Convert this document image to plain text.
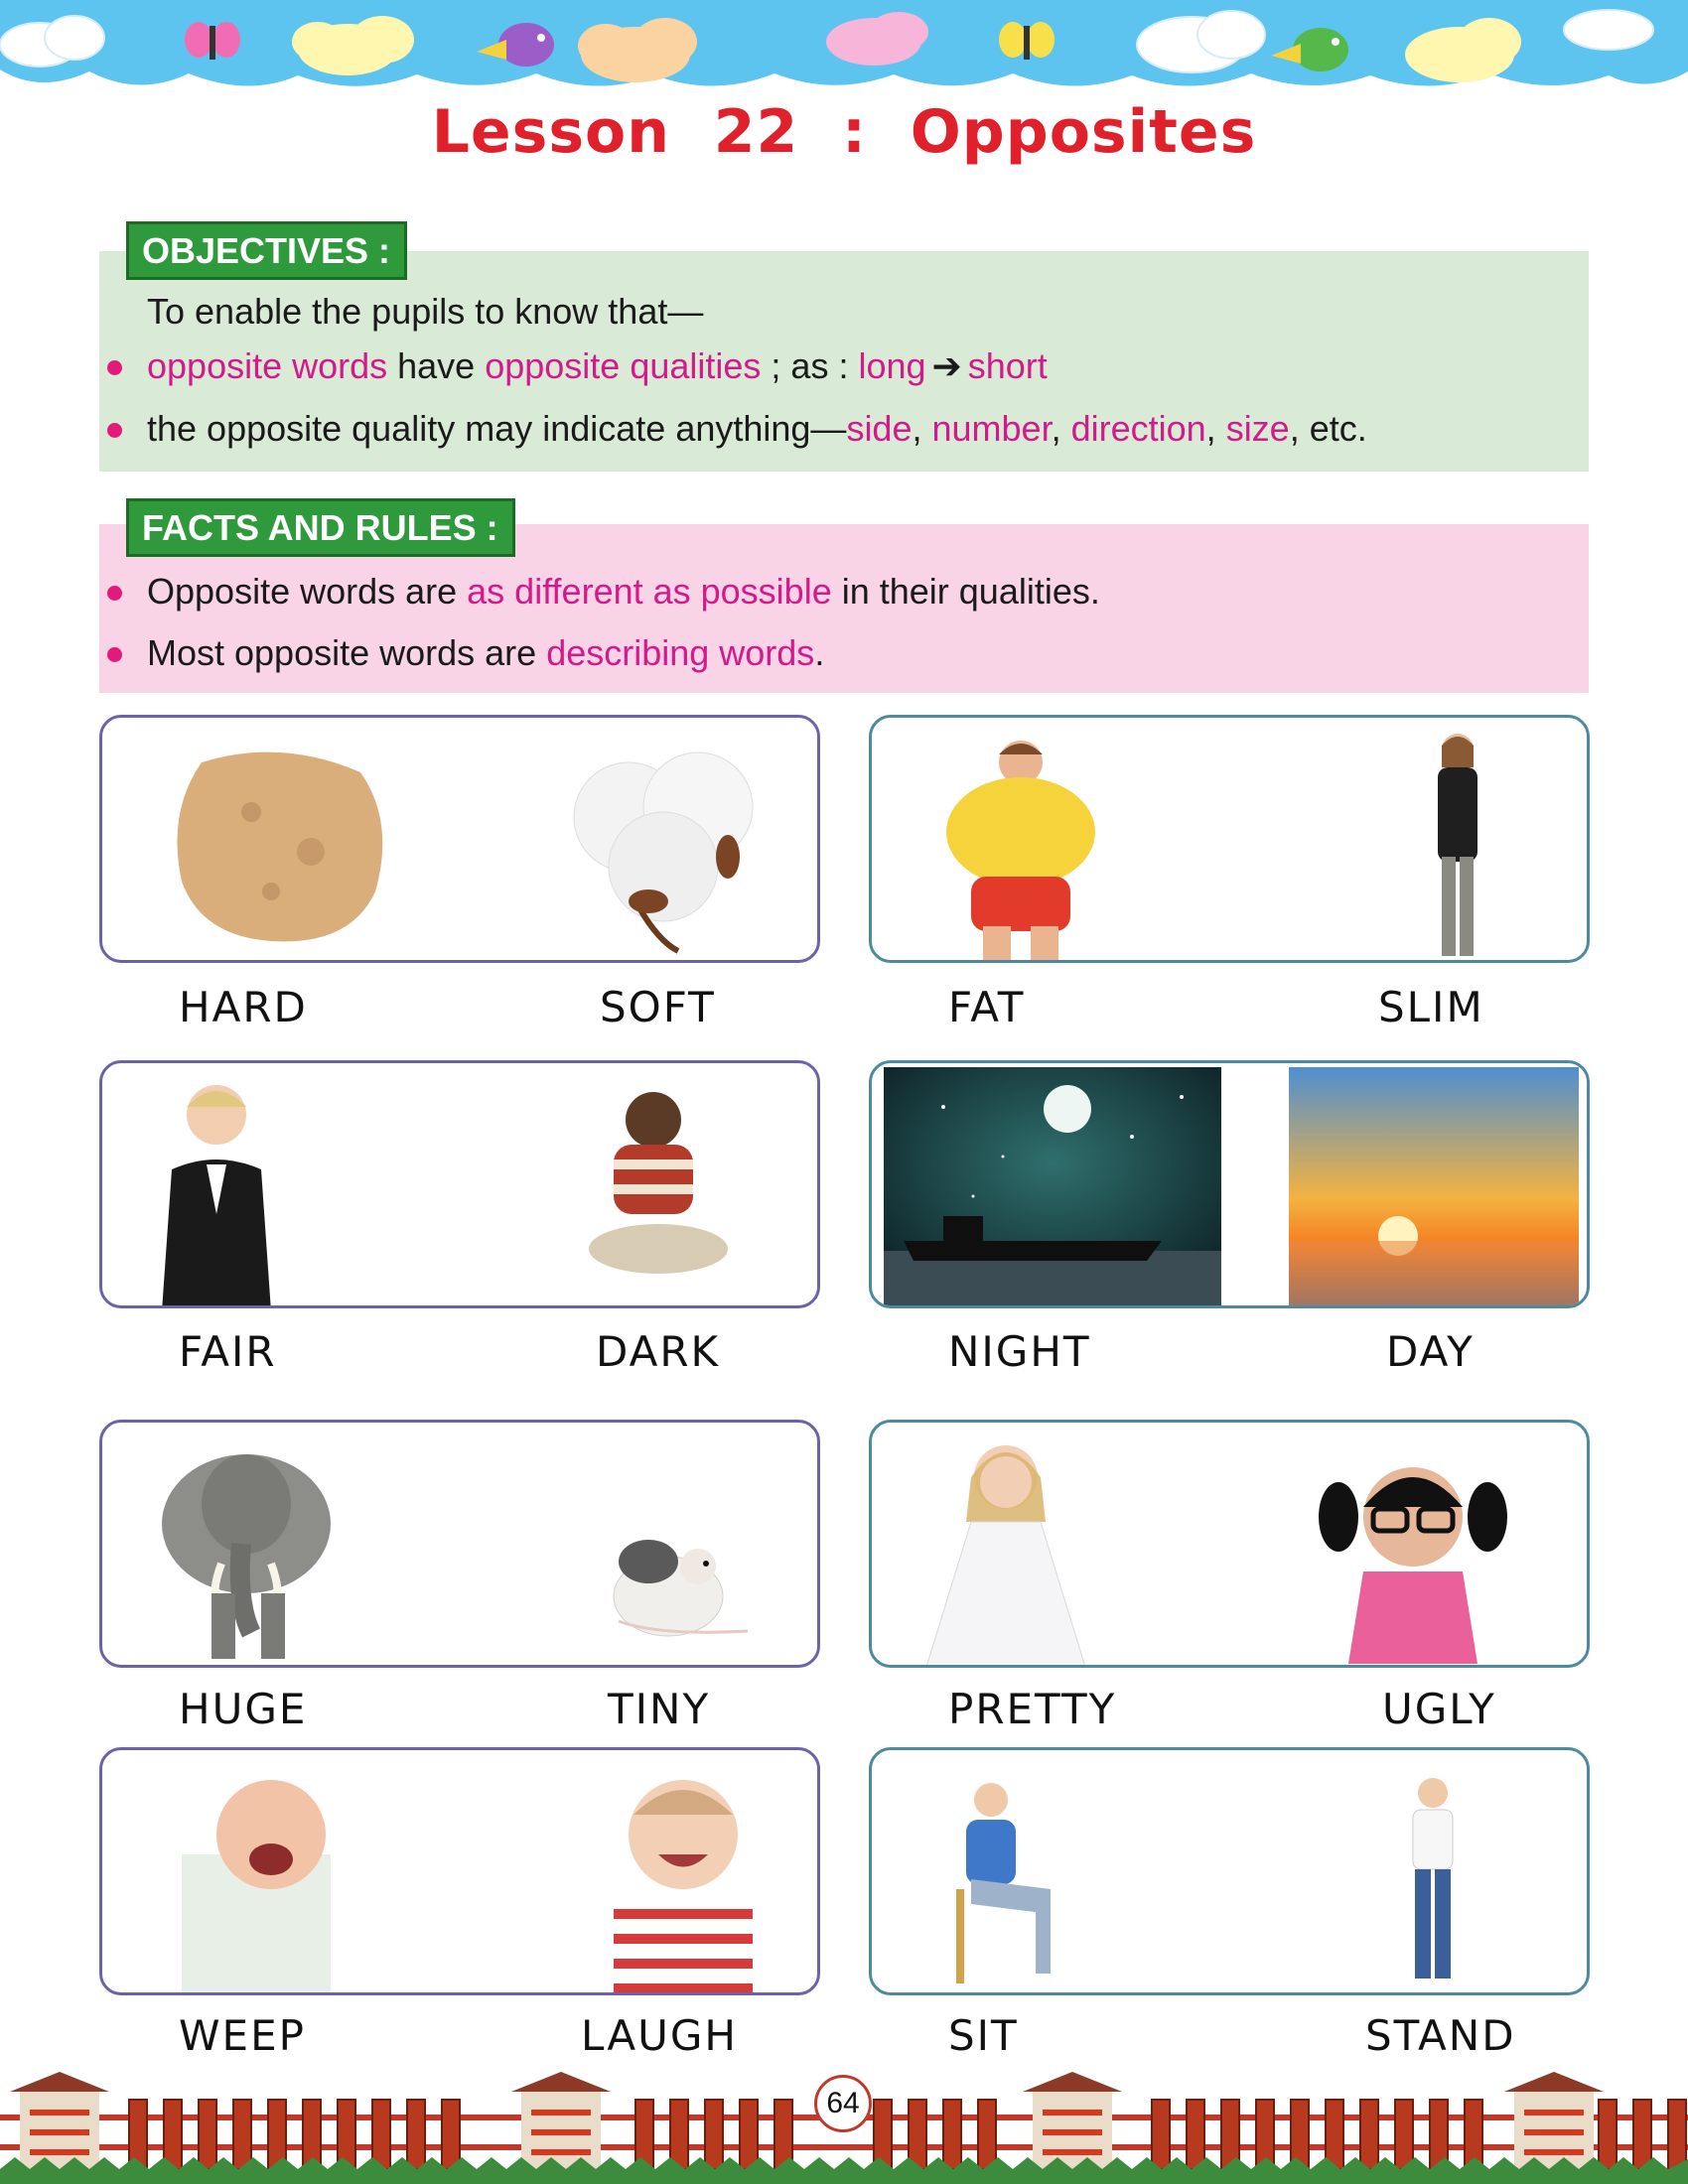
Lesson  22  :  Opposites
OBJECTIVES :
To enable the pupils to know that—
opposite words have opposite qualities ; as : long ➔ short
the opposite quality may indicate anything—side, number, direction, size, etc.
FACTS AND RULES :
Opposite words are as different as possible in their qualities.
Most opposite words are describing words.
HARD	SOFT	FAT	SLIM
FAIR	DARK	NIGHT	DAY
HUGE	TINY	PRETTY	UGLY
WEEP	LAUGH	SIT	STAND
64
